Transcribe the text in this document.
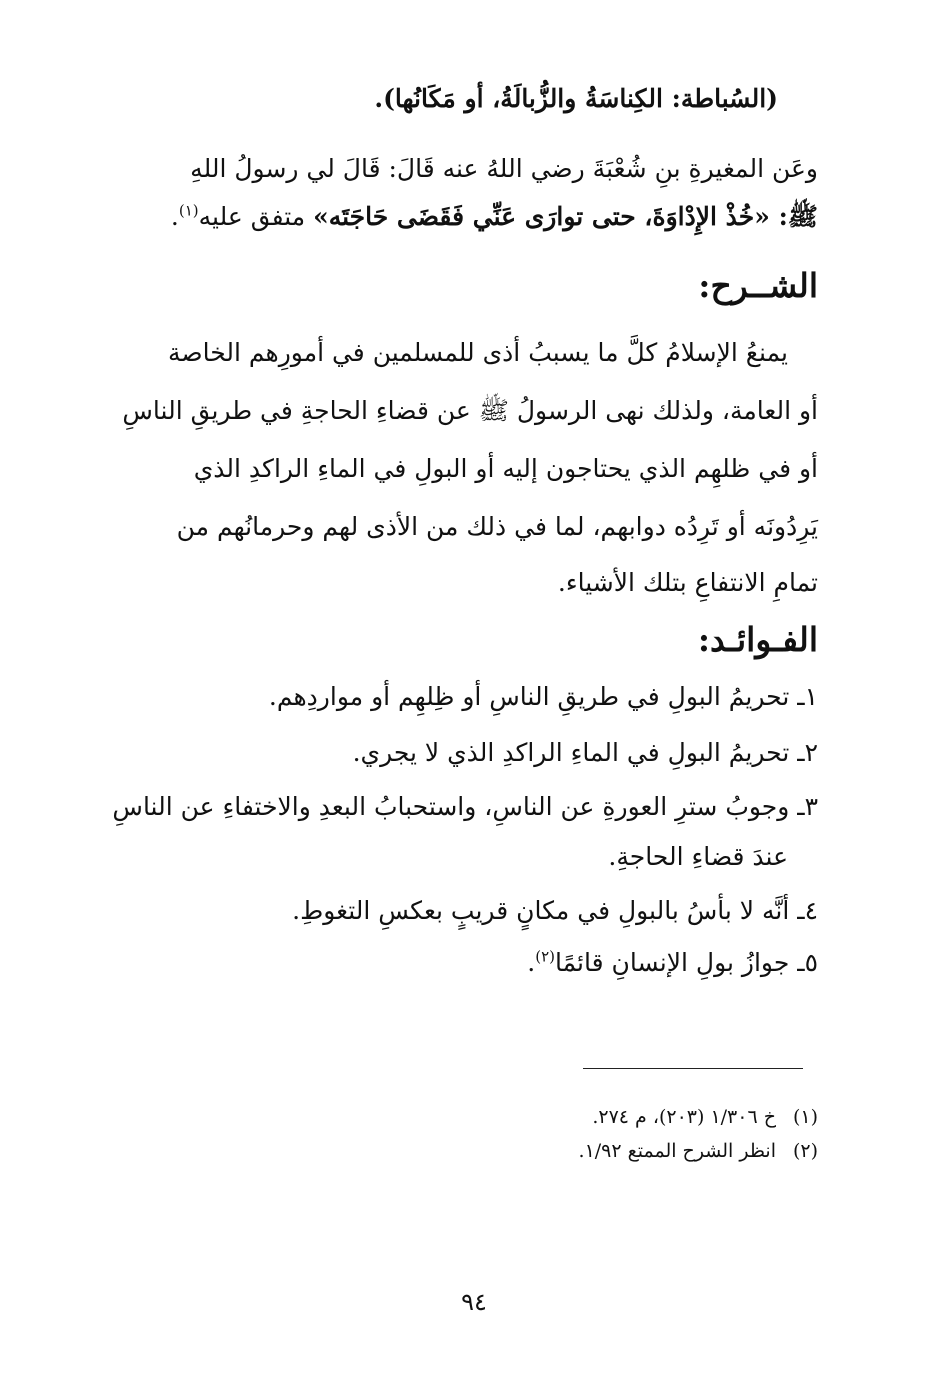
(السُباطة: الكِناسَةُ والزُّبالَةُ، أو مَكَانُها).
وعَن المغيرةِ بنِ شُعْبَةَ رضي اللهُ عنه قَالَ: قَالَ لي رسولُ اللهِ
ﷺ: «خُذْ الإِدْاوَةَ، حتى توارَى عَنِّي فَقَضَى حَاجَتَه» متفق عليه$^{(١)}$.
الشــرح:
يمنعُ الإسلامُ كلَّ ما يسببُ أذى للمسلمين في أمورِهم الخاصة
أو العامة، ولذلك نهى الرسولُ ﷺ عن قضاءِ الحاجةِ في طريقِ الناسِ
أو في ظلهِم الذي يحتاجون إليه أو البولِ في الماءِ الراكدِ الذي
يَرِدُونَه أو تَرِدُه دوابهم، لما في ذلك من الأذى لهم وحرمانُهم من
تمامِ الانتفاعِ بتلك الأشياء.
الفـوائـد:
١ـ تحريمُ البولِ في طريقِ الناسِ أو ظِلهِم أو مواردِهم.
٢ـ تحريمُ البولِ في الماءِ الراكدِ الذي لا يجري.
٣ـ وجوبُ سترِ العورةِ عن الناسِ، واستحبابُ البعدِ والاختفاءِ عن الناسِ
عندَ قضاءِ الحاجةِ.
٤ـ أنَّه لا بأسُ بالبولِ في مكانٍ قريبٍ بعكسِ التغوطِ.
٥ـ جوازُ بولِ الإنسانِ قائمًا$^{(٢)}$.
(١)خ ١/٣٠٦ (٢٠٣)، م ٢٧٤.
(٢)انظر الشرح الممتع ١/٩٢.
٩٤
